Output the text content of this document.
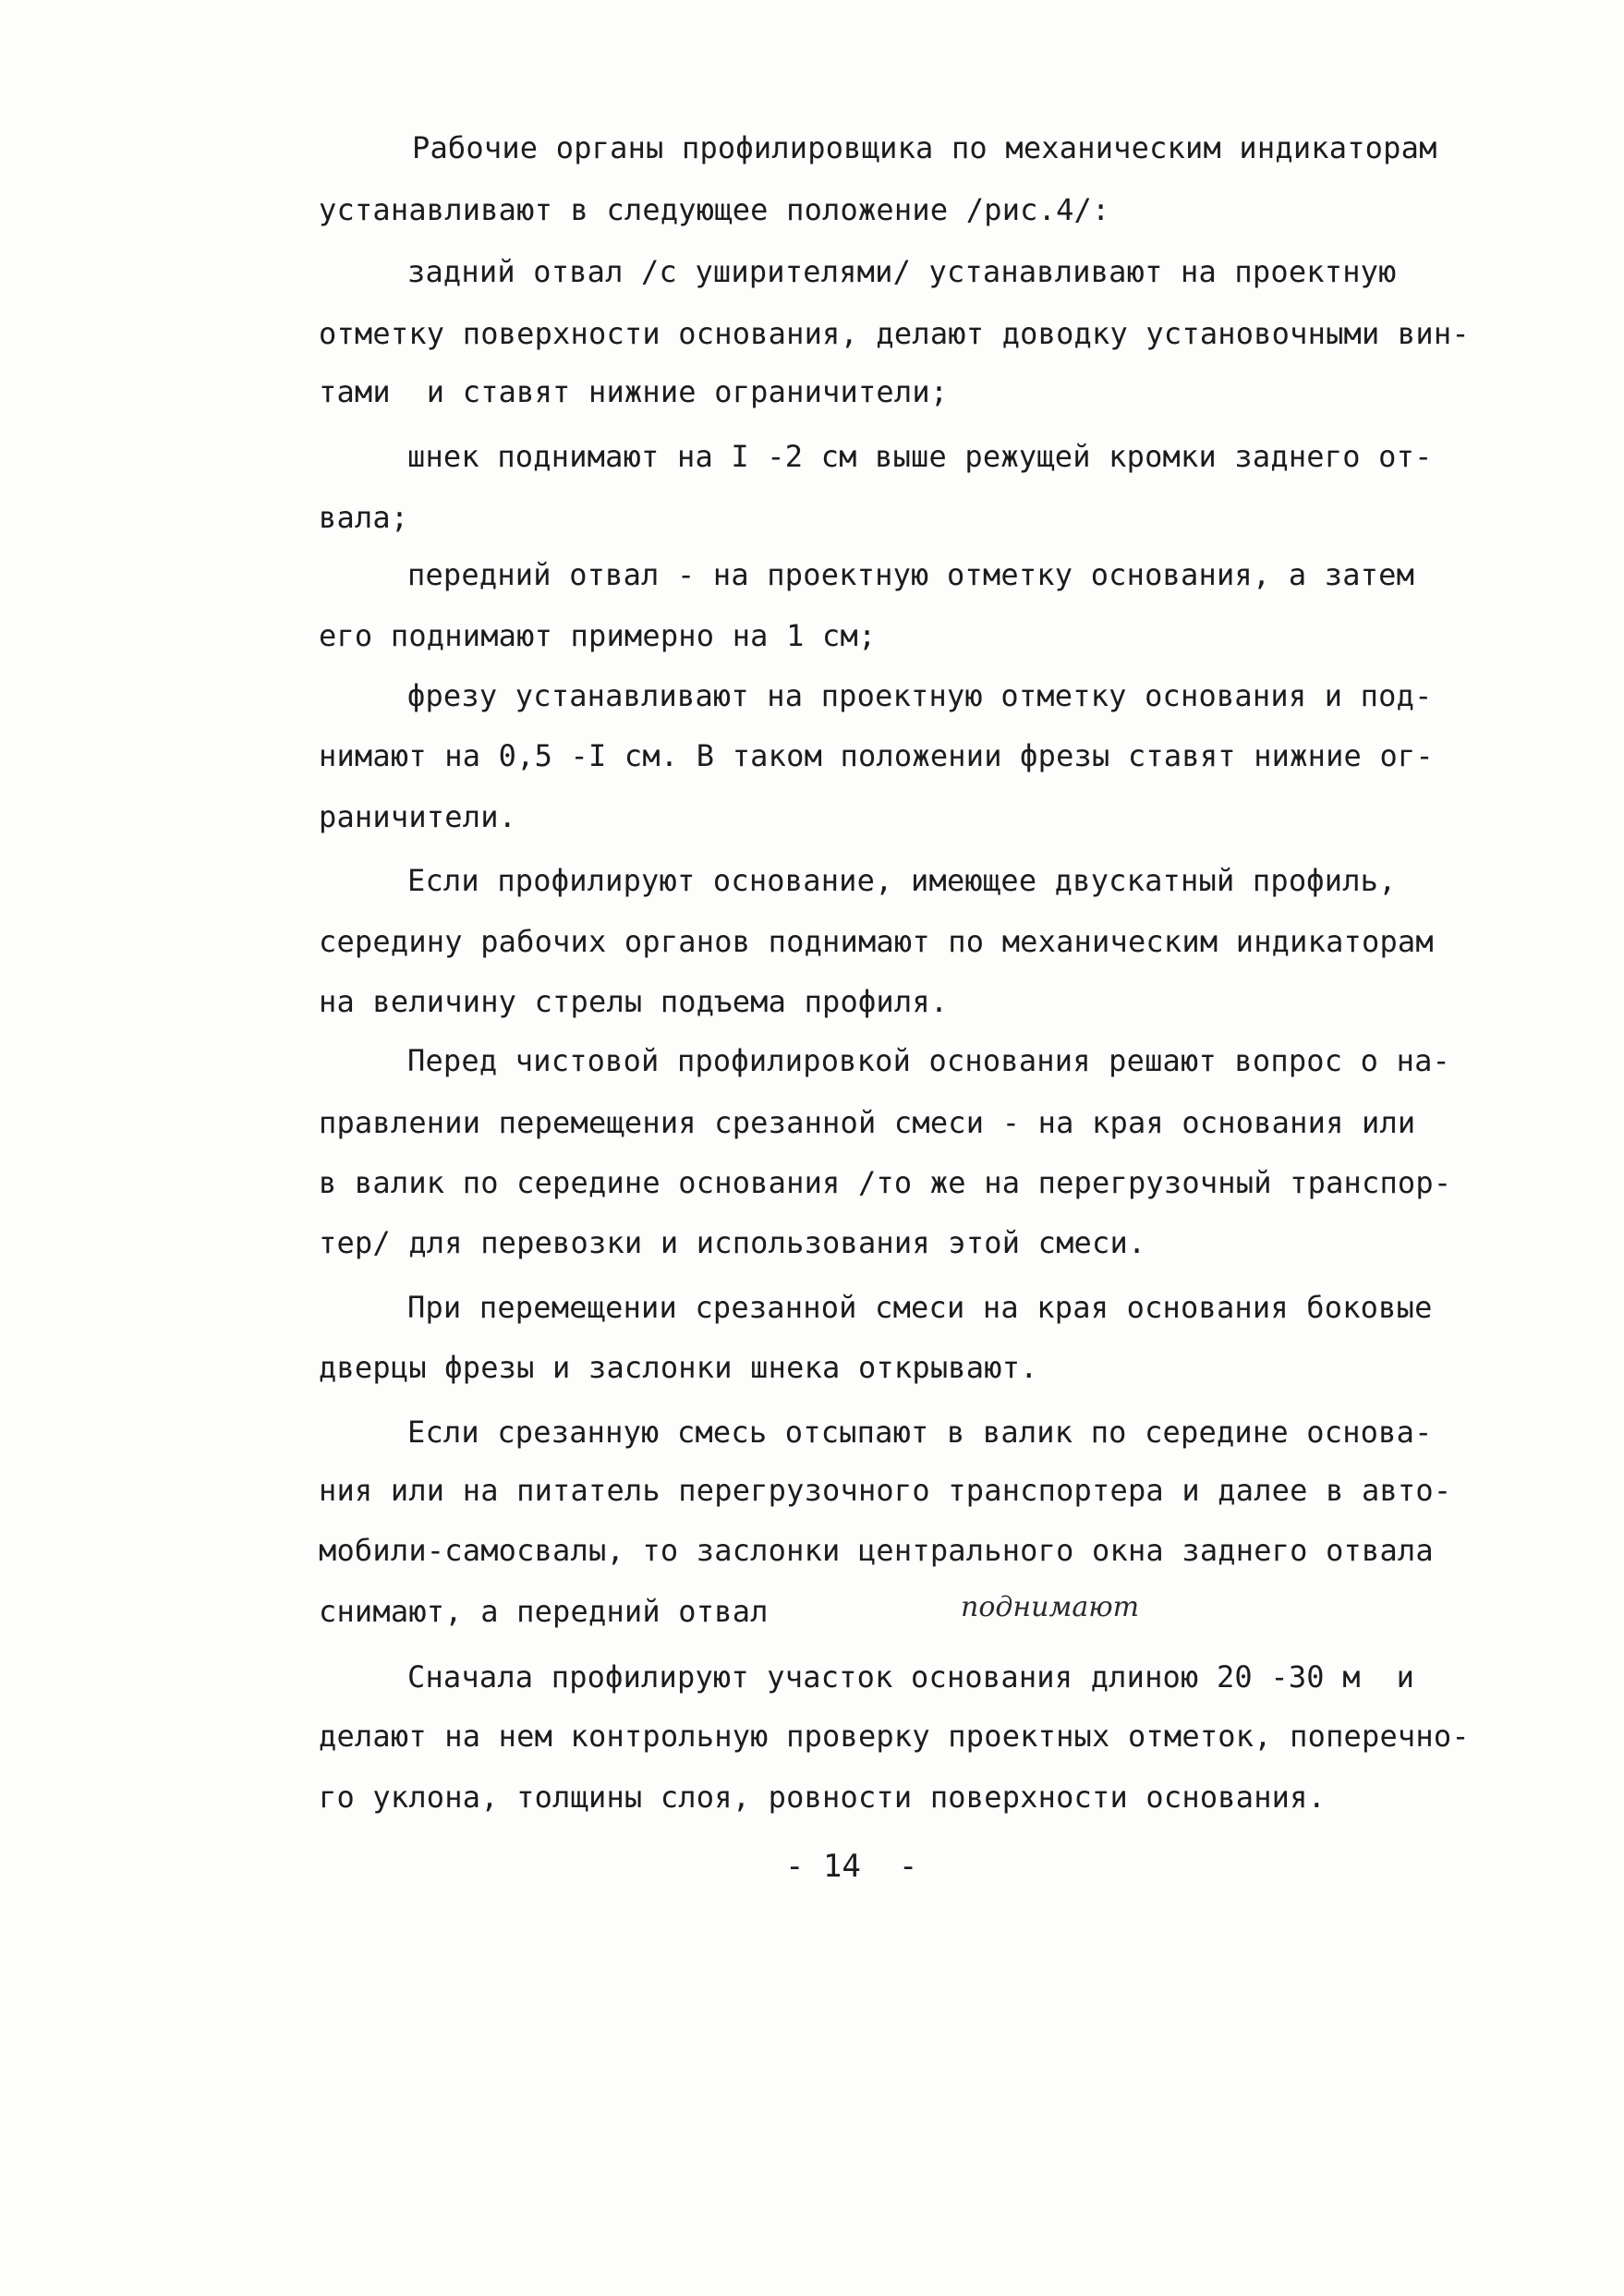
Рабочие органы профилировщика по механическим индикаторам
устанавливают в следующее положение /рис.4/:
задний отвал /с уширителями/ устанавливают на проектную
отметку поверхности основания, делают доводку установочными вин-
тами  и ставят нижние ограничители;
шнек поднимают на I -2 см выше режущей кромки заднего от-
вала;
передний отвал - на проектную отметку основания, а затем
его поднимают примерно на 1 см;
фрезу устанавливают на проектную отметку основания и под-
нимают на 0,5 -I см. В таком положении фрезы ставят нижние ог-
раничители.
Если профилируют основание, имеющее двускатный профиль,
середину рабочих органов поднимают по механическим индикаторам
на величину стрелы подъема профиля.
Перед чистовой профилировкой основания решают вопрос о на-
правлении перемещения срезанной смеси - на края основания или
в валик по середине основания /то же на перегрузочный транспор-
тер/ для перевозки и использования этой смеси.
При перемещении срезанной смеси на края основания боковые
дверцы фрезы и заслонки шнека открывают.
Если срезанную смесь отсыпают в валик по середине основа-
ния или на питатель перегрузочного транспортера и далее в авто-
мобили-самосвалы, то заслонки центрального окна заднего отвала
снимают, а передний отвал	поднимают
Сначала профилируют участок основания длиною 20 -30 м  и
делают на нем контрольную проверку проектных отметок, поперечно-
го уклона, толщины слоя, ровности поверхности основания.
- 14  -
